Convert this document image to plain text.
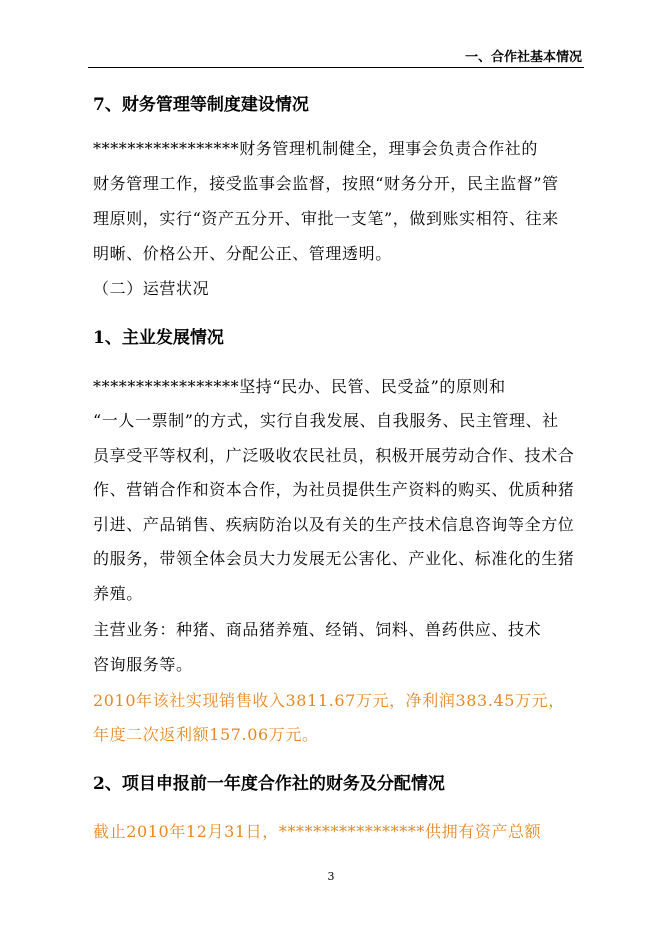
一、合作社基本情况
7、财务管理等制度建设情况
*****************财务管理机制健全，理事会负责合作社的
财务管理工作，接受监事会监督，按照“财务分开，民主监督”管
理原则，实行“资产五分开、审批一支笔”，做到账实相符、往来
明晰、价格公开、分配公正、管理透明。
（二）运营状况
1、主业发展情况
*****************坚持“民办、民管、民受益”的原则和
“一人一票制”的方式，实行自我发展、自我服务、民主管理、社
员享受平等权利，广泛吸收农民社员，积极开展劳动合作、技术合
作、营销合作和资本合作，为社员提供生产资料的购买、优质种猪
引进、产品销售、疾病防治以及有关的生产技术信息咨询等全方位
的服务，带领全体会员大力发展无公害化、产业化、标准化的生猪
养殖。
主营业务：种猪、商品猪养殖、经销、饲料、兽药供应、技术
咨询服务等。
2010年该社实现销售收入3811.67万元，净利润383.45万元，
年度二次返利额157.06万元。
2、项目申报前一年度合作社的财务及分配情况
截止2010年12月31日，*****************供拥有资产总额
3
